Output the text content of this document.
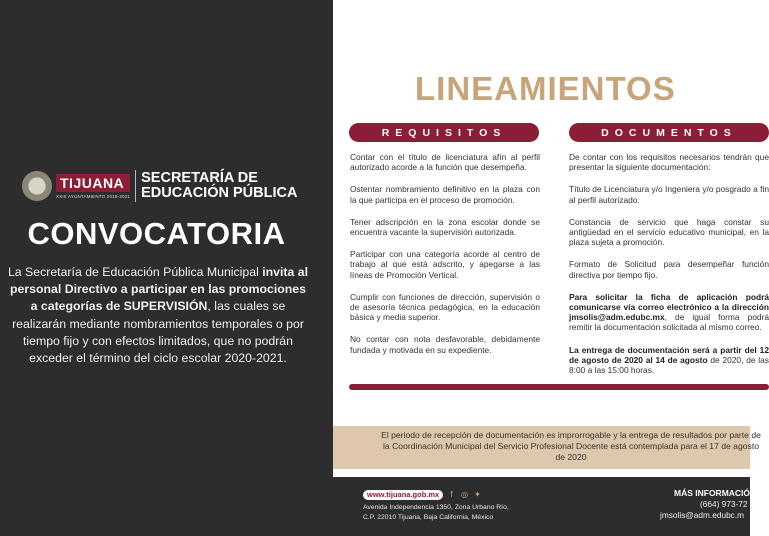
TIJUANA
XXIII AYUNTAMIENTO 2019-2021
SECRETARÍA DE
EDUCACIÓN PÚBLICA
CONVOCATORIA
La Secretaría de Educación Pública Municipal invita al personal Directivo a participar en las promociones a categorías de SUPERVISIÓN, las cuales se realizarán mediante nombramientos temporales o por tiempo fijo y con efectos limitados, que no podrán exceder el término del ciclo escolar 2020-2021.
LINEAMIENTOS
REQUISITOS	DOCUMENTOS

Contar con el título de licenciatura afín al perfil autorizado acorde a la función que desempeña.

Ostentar nombramiento definitivo en la plaza con la que participa en el proceso de promoción.

Tener adscripción en la zona escolar donde se encuentra vacante la supervisión autorizada.

Participar con una categoría acorde al centro de trabajo al que está adscrito, y apegarse a las líneas de Promoción Vertical.

Cumplir con funciones de dirección, supervisión o de asesoría técnica pedagógica, en la educación básica y media superior.

No contar con nota desfavorable, debidamente fundada y motivada en su expediente.

De contar con los requisitos necesarios tendrán que presentar la siguiente documentación:

Título de Licenciatura y/o Ingeniera y/o posgrado a fin al perfil autorizado.

Constancia de servicio que haga constar su antigüedad en el servicio educativo municipal, en la plaza sujeta a promoción.

Formato de Solicitud para desempeñar función directiva por tiempo fijo.

Para solicitar la ficha de aplicación podrá comunicarse vía correo electrónico a la dirección jmsolis@adm.edubc.mx, de igual forma podrá remitir la documentación solicitada al mismo correo.

La entrega de documentación será a partir del 12 de agosto de 2020 al 14 de agosto de 2020, de las 8:00 a las 15:00 horas.

El periodo de recepción de documentación es improrrogable y la entrega de resultados por parte de la Coordinación Municipal del Servicio Profesional Docente está contemplada para el 17 de agosto de 2020
www.tijuana.gob.mx	f	◎ ✦
Avenida Independencia 1350, Zona Urbano Río,
C.P. 22010 Tijuana, Baja California, México
MÁS INFORMACIÓN
(664) 973-72
jmsolis@adm.edubc.m
